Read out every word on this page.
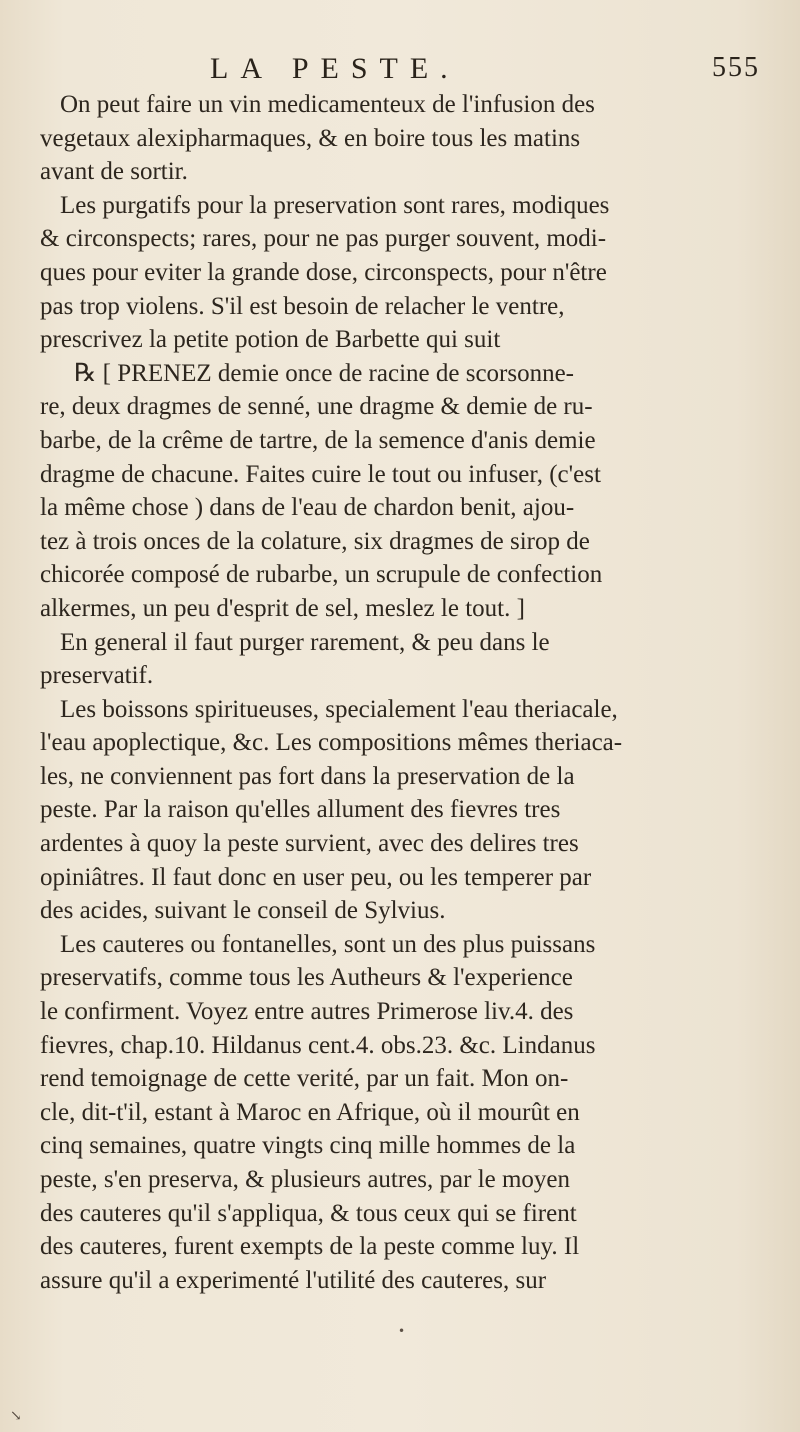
LA PESTE.	555
On peut faire un vin medicamenteux de l'infusion des
vegetaux alexipharmaques, & en boire tous les matins
avant de sortir.
Les purgatifs pour la preservation sont rares, modiques
& circonspects; rares, pour ne pas purger souvent, modi-
ques pour eviter la grande dose, circonspects, pour n'être
pas trop violens. S'il est besoin de relacher le ventre,
prescrivez la petite potion de Barbette qui suit
℞ [ PRENEZ demie once de racine de scorsonne-
re, deux dragmes de senné, une dragme & demie de ru-
barbe, de la crême de tartre, de la semence d'anis demie
dragme de chacune. Faites cuire le tout ou infuser, (c'est
la même chose ) dans de l'eau de chardon benit, ajou-
tez à trois onces de la colature, six dragmes de sirop de
chicorée composé de rubarbe, un scrupule de confection
alkermes, un peu d'esprit de sel, meslez le tout. ]
En general il faut purger rarement, & peu dans le
preservatif.
Les boissons spiritueuses, specialement l'eau theriacale,
l'eau apoplectique, &c. Les compositions mêmes theriaca-
les, ne conviennent pas fort dans la preservation de la
peste. Par la raison qu'elles allument des fievres tres
ardentes à quoy la peste survient, avec des delires tres
opiniâtres. Il faut donc en user peu, ou les temperer par
des acides, suivant le conseil de Sylvius.
Les cauteres ou fontanelles, sont un des plus puissans
preservatifs, comme tous les Autheurs & l'experience
le confirment. Voyez entre autres Primerose liv.4. des
fievres, chap.10. Hildanus cent.4. obs.23. &c. Lindanus
rend temoignage de cette verité, par un fait. Mon on-
cle, dit-t'il, estant à Maroc en Afrique, où il mourût en
cinq semaines, quatre vingts cinq mille hommes de la
peste, s'en preserva, & plusieurs autres, par le moyen
des cauteres qu'il s'appliqua, & tous ceux qui se firent
des cauteres, furent exempts de la peste comme luy. Il
assure qu'il a experimenté l'utilité des cauteres, sur
•
↘
